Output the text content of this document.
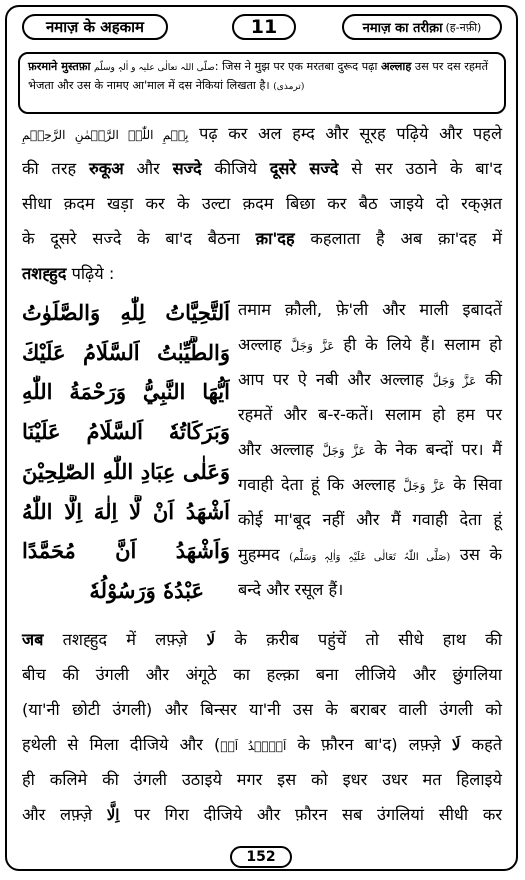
नमाज़ के अहकाम	11	नमाज़ का तरीक़ा (ह-नफ़ी)
फ़रमाने मुस्तफ़ा صلّی اللہ تعالٰی علیہ و اٰلہٖ وسلّم: जिस ने मुझ पर एक मरतबा दुरूद पढ़ा अल्लाह उस पर दस रहमतें
भेजता और उस के नामए आ'माल में दस नेकियां लिखता है। (ترمذی)
بِسۡمِ اللّٰہِ الرَّحۡمٰنِ الرَّحِیۡمِ पढ़ कर अल हम्द और सूरह पढ़िये और पहले
की तरह रुकूअ और सज्दे कीजिये दूसरे सज्दे से सर उठाने के बा'द
सीधा क़दम खड़ा कर के उल्टा क़दम बिछा कर बैठ जाइये दो रक्अ़त
के दूसरे सज्दे के बा'द बैठना क़ा'दह कहलाता है अब क़ा'दह में
तशह्हुद पढ़िये :
اَلتَّحِيَّاتُ لِلّٰهِ وَالصَّلَوٰتُ
وَالطَّيِّبٰتُ اَلسَّلَامُ عَلَيْكَ
اَيُّهَا النَّبِيُّ وَرَحْمَةُ اللّٰهِ
وَبَرَكَاتُهٗ اَلسَّلَامُ عَلَيْنَا
وَعَلٰى عِبَادِ اللّٰهِ الصّٰلِحِيْنَ
اَشْهَدُ اَنْ لَّا اِلٰهَ اِلَّا اللّٰهُ
وَاَشْهَدُ اَنَّ مُحَمَّدًا
عَبْدُهٗ وَرَسُوْلُهٗ
तमाम क़ौली, फ़े'ली और माली इबादतें
अल्लाह عَزَّ وَجَلَّ ही के लिये हैं। सलाम हो
आप पर ऐ नबी और अल्लाह عَزَّ وَجَلَّ की
रहमतें और ब-र-कतें। सलाम हो हम पर
और अल्लाह عَزَّ وَجَلَّ के नेक बन्दों पर। मैं
गवाही देता हूं कि अल्लाह عَزَّ وَجَلَّ के सिवा
कोई मा'बूद नहीं और मैं गवाही देता हूं
मुहम्मद (صَلَّی اللّٰہُ تَعَالٰی عَلَیْہِ وَاٰلِہٖ وَسَلَّم) उस के
बन्दे और रसूल हैं।
जब तशह्हुद में लफ़्ज़े لَا के क़रीब पहुंचें तो सीधे हाथ की
बीच की उंगली और अंगूठे का हल्क़ा बना लीजिये और छुंगलिया
(या'नी छोटी उंगली) और बिन्सर या'नी उस के बराबर वाली उंगली को
हथेली से मिला दीजिये और (اَشۡہَدُ اَنۡ के फ़ौरन बा'द) लफ़्ज़े لَا कहते
ही कलिमे की उंगली उठाइये मगर इस को इधर उधर मत हिलाइये
और लफ़्ज़े اِلَّا पर गिरा दीजिये और फ़ौरन सब उंगलियां सीधी कर
152
